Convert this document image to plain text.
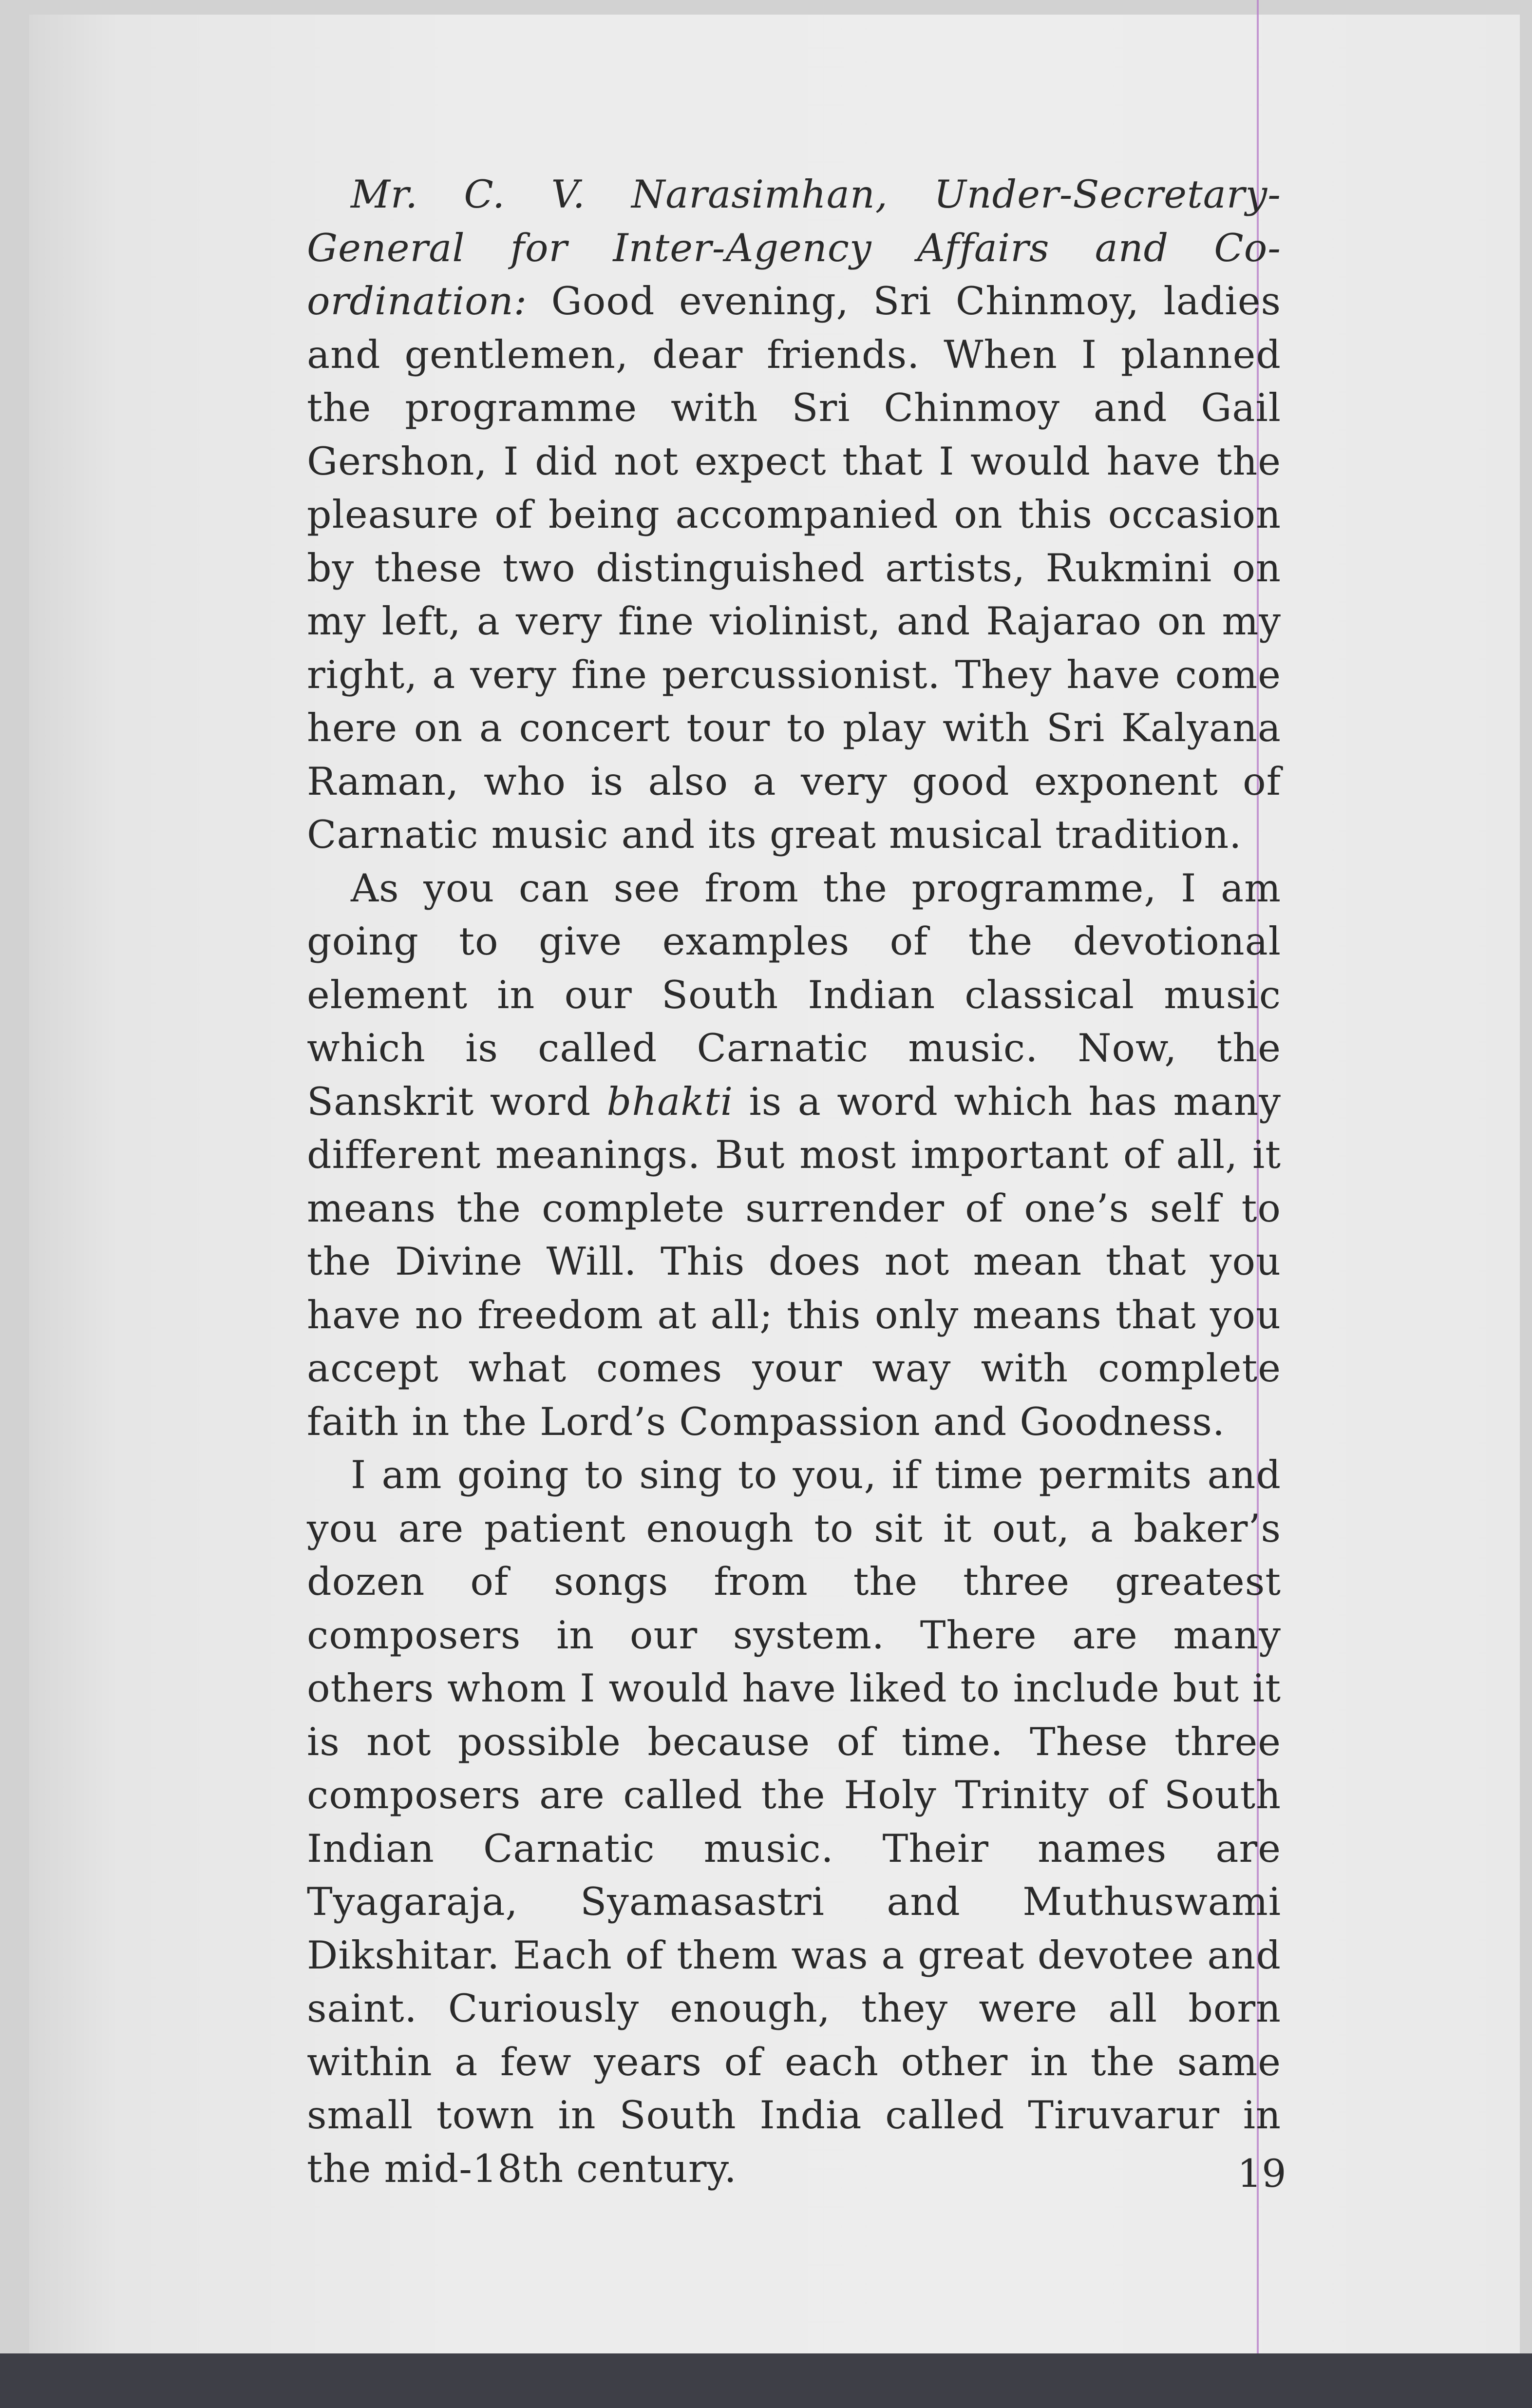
Mr. C. V. Narasimhan, Under-Secretary-General for Inter-Agency Affairs and Co-ordination: Good evening, Sri Chinmoy, ladies and gentlemen, dear friends. When I planned the programme with Sri Chinmoy and Gail Gershon, I did not expect that I would have the pleasure of being accompanied on this occasion by these two distinguished artists, Rukmini on my left, a very fine violinist, and Rajarao on my right, a very fine percussionist. They have come here on a concert tour to play with Sri Kalyana Raman, who is also a very good exponent of Carnatic music and its great musical tradition.

As you can see from the programme, I am going to give examples of the devotional element in our South Indian classical music which is called Carnatic music. Now, the Sanskrit word bhakti is a word which has many different meanings. But most important of all, it means the complete surrender of one’s self to the Divine Will. This does not mean that you have no freedom at all; this only means that you accept what comes your way with complete faith in the Lord’s Compassion and Goodness.

I am going to sing to you, if time permits and you are patient enough to sit it out, a baker’s dozen of songs from the three greatest composers in our system. There are many others whom I would have liked to include but it is not possible because of time. These three composers are called the Holy Trinity of South Indian Carnatic music. Their names are Tyagaraja, Syamasastri and Muthuswami Dikshitar. Each of them was a great devotee and saint. Curiously enough, they were all born within a few years of each other in the same small town in South India called Tiruvarur in the mid-18th century.	19
